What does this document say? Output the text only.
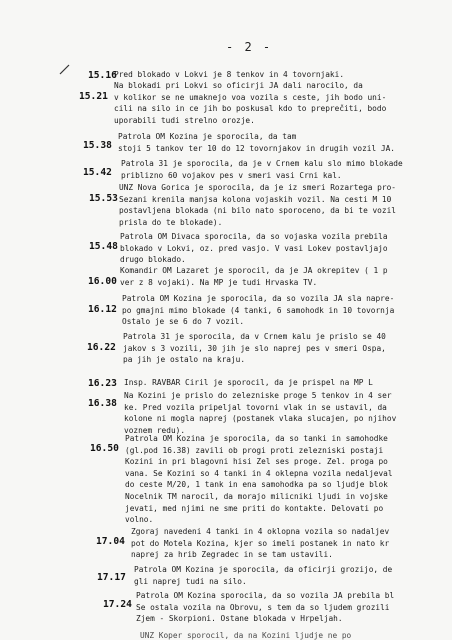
- 2 -
15.16
Pred blokado v Lokvi je 8 tenkov in 4 tovornjaki.
15.21
Na blokadi pri Lokvi so oficirji JA dali narocilo, da
v kolikor se ne umaknejo voa vozila s ceste, jih bodo uni-
cili na silo in ce jih bo poskusal kdo to preprečiti, bodo
uporabili tudi strelno orozje.
15.38
Patrola OM Kozina je sporocila, da tam
stoji 5 tankov ter 10 do 12 tovornjakov in drugih vozil JA.
15.42
Patrola 31 je sporocila, da je v Crnem kalu slo mimo blokade
priblizno 60 vojakov pes v smeri vasi Crni kal.
15.53
UNZ Nova Gorica je sporocila, da je iz smeri Rozartega pro-
Sezani krenila manjsa kolona vojaskih vozil. Na cesti M 10
postavljena blokada (ni bilo nato sporoceno, da bi te vozil
prisla do te blokade).
15.48
Patrola OM Divaca sporocila, da so vojaska vozila prebila
blokado v Lokvi, oz. pred vasjo. V vasi Lokev postavljajo
drugo blokado.
16.00
Komandir OM Lazaret je sporocil, da je JA okrepitev ( 1 p
ver z 8 vojaki). Na MP je tudi Hrvaska TV.
16.12
Patrola OM Kozina je sporocila, da so vozila JA sla napre-
po gmajni mimo blokade (4 tanki, 6 samohodk in 10 tovornja
Ostalo je se 6 do 7 vozil.
16.22
Patrola 31 je sporocila, da v Crnem kalu je prislo se 40
jakov s 3 vozili, 30 jih je slo naprej pes v smeri Ospa,
pa jih je ostalo na kraju.
16.23 Insp. RAVBAR Ciril je sporocil, da je prispel na MP L
16.38
Na Kozini je prislo do zelezniske proge 5 tenkov in 4 ser
ke. Pred vozila pripeljal tovorni vlak in se ustavil, da
kolone ni mogla naprej (postanek vlaka slucajen, po njihov
voznem redu).
16.50
Patrola OM Kozina je sporocila, da so tanki in samohodke
(gl.pod 16.38) zavili ob progi proti zelezniski postaji
Kozini in pri blagovni hisi Zel ses proge. Zel. proga po
vana. Se Kozini so 4 tanki in 4 oklepna vozila nedaljeval
do ceste M/20, 1 tank in ena samohodka pa so ljudje blok
Nocelnik TM narocil, da morajo milicniki ljudi in vojske
jevati, med njimi ne sme priti do kontakte. Delovati po
volno.
17.04
Zgoraj navedeni 4 tanki in 4 oklopna vozila so nadaljev
pot do Motela Kozina, kjer so imeli postanek in nato kr
naprej za hrib Zegradec in se tam ustavili.
17.17
Patrola OM Kozina je sporocila, da oficirji grozijo, de
gli naprej tudi na silo.
17.24
Patrola OM Kozina sporocila, da so vozila JA prebila bl
Se ostala vozila na Obrovu, s tem da so ljudem grozili
Zjem - Skorpioni. Ostane blokada v Hrpeljah.
UNZ Koper sporocil, da na Kozini ljudje ne po
